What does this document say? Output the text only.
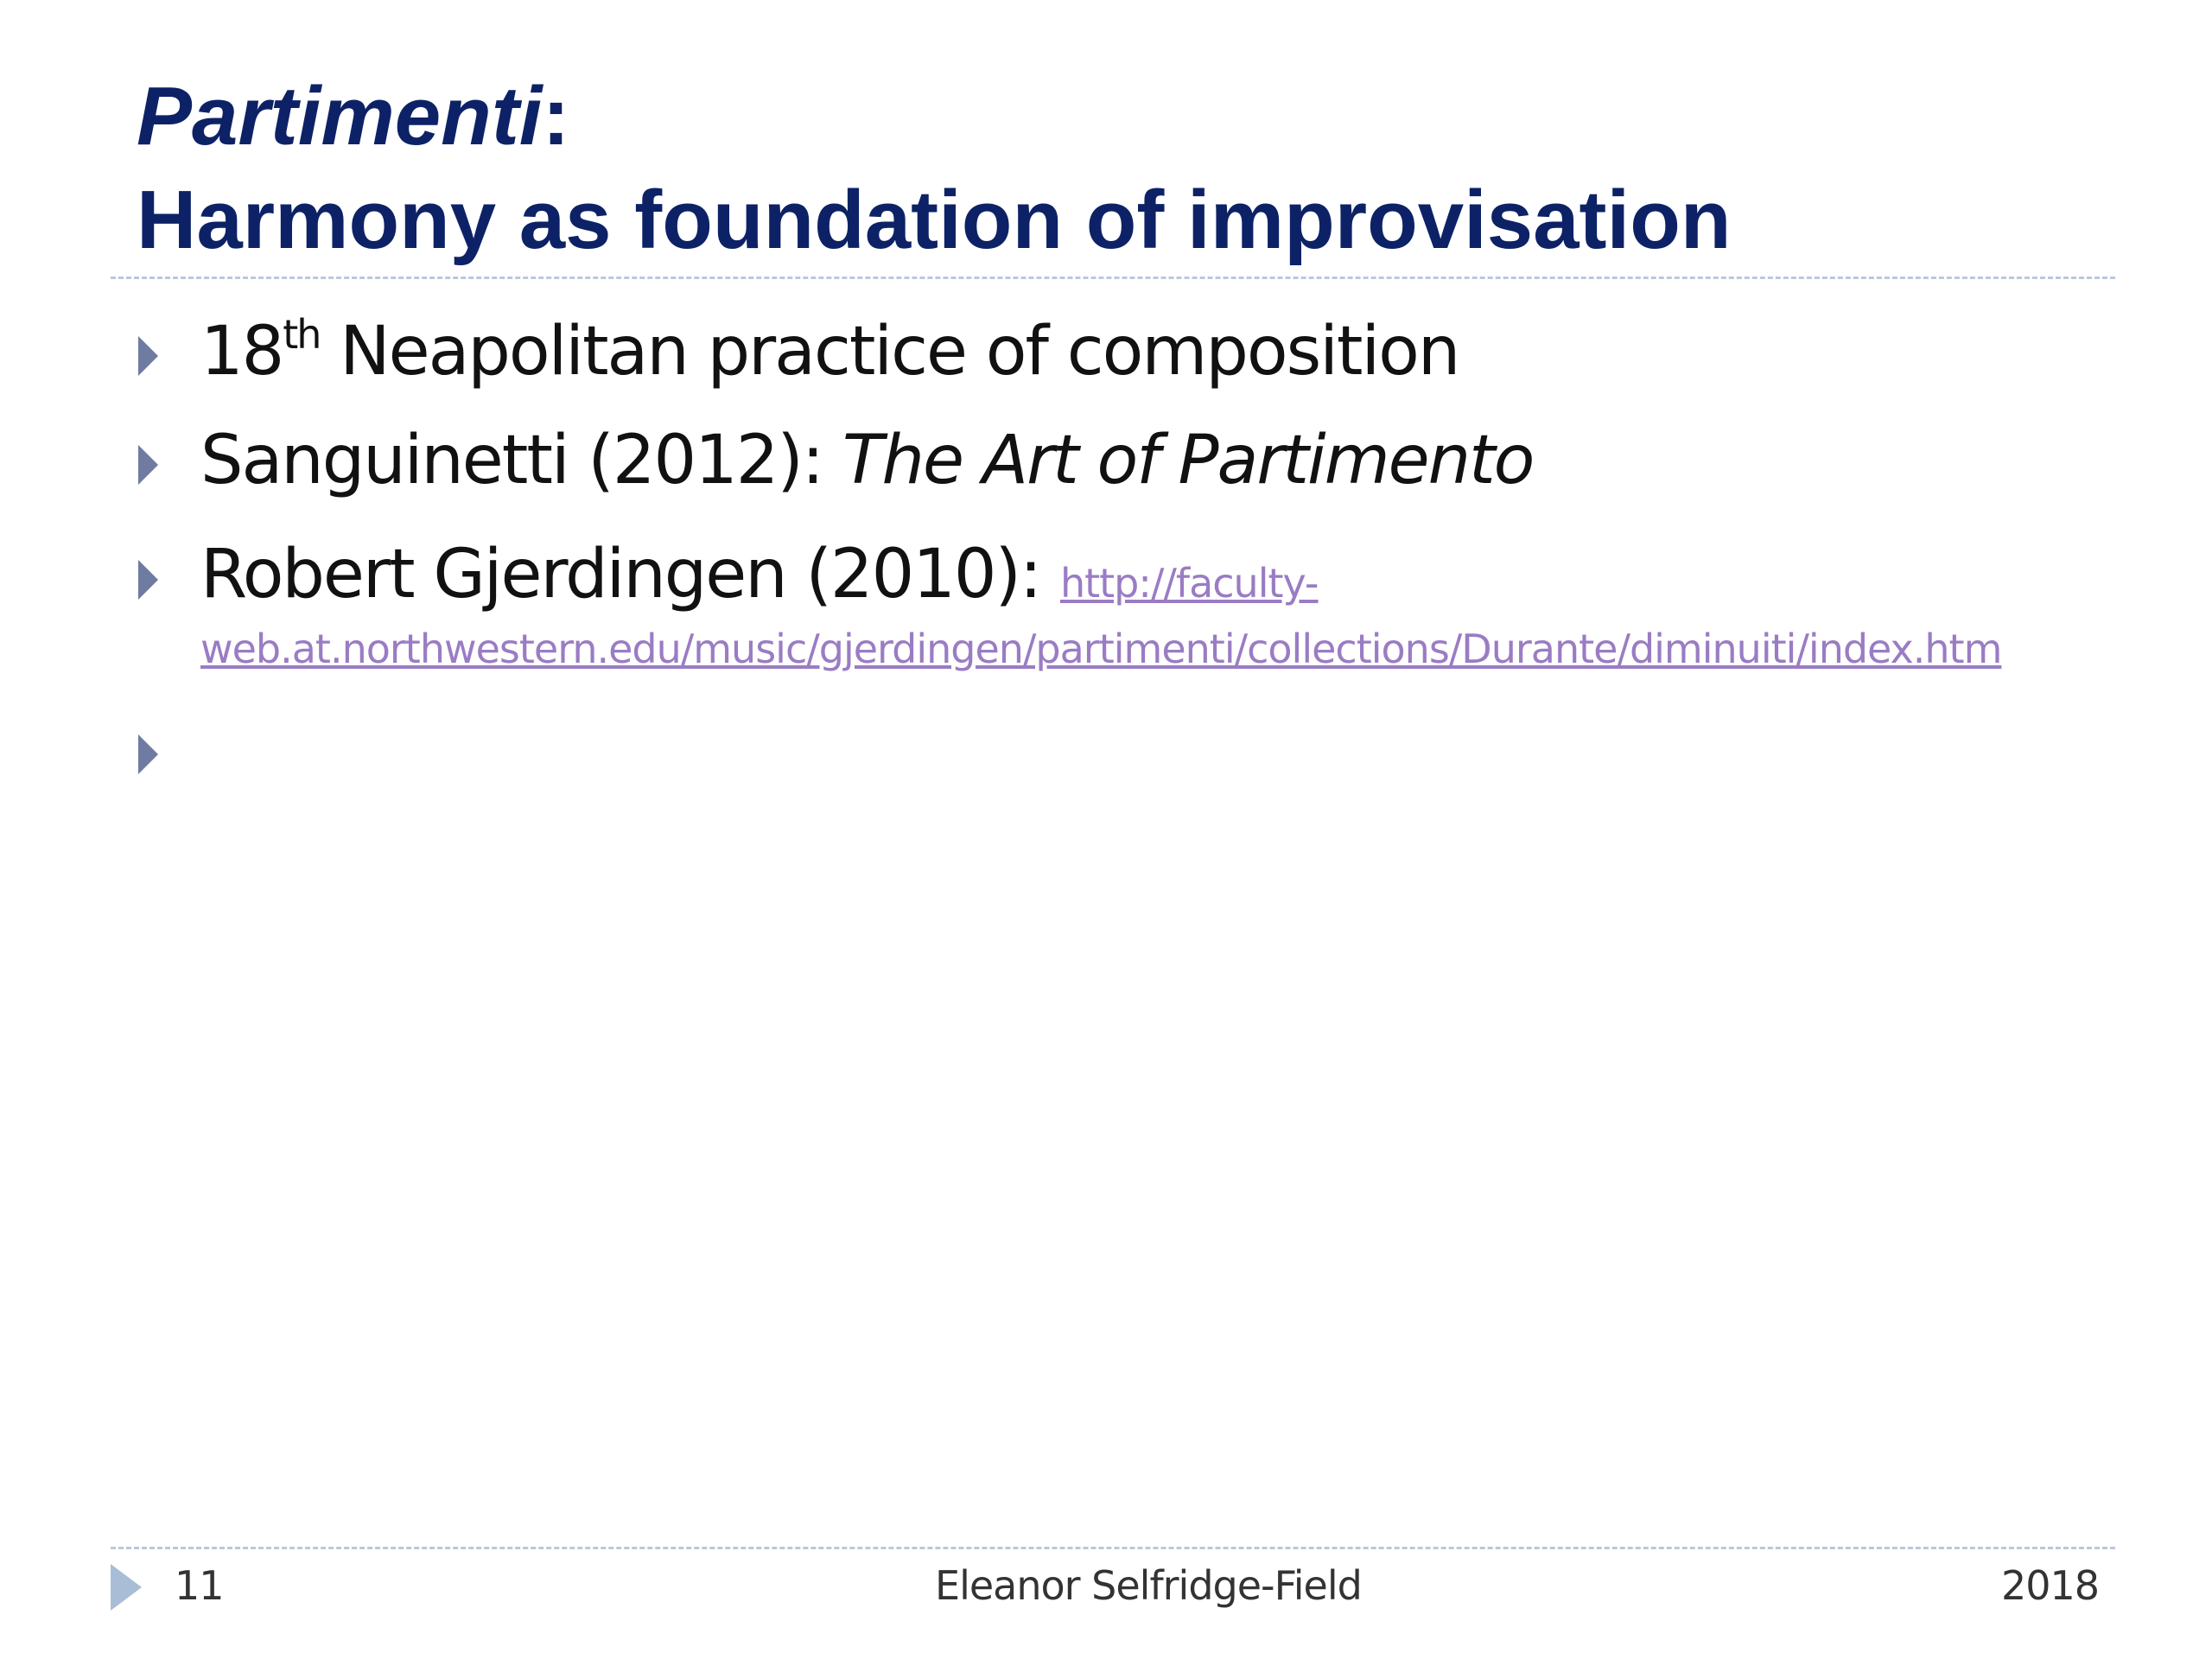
Partimenti:
Harmony as foundation of improvisation
18th Neapolitan practice of composition
Sanguinetti (2012): The Art of Partimento
Robert Gjerdingen (2010): http://faculty-
web.at.northwestern.edu/music/gjerdingen/partimenti/collections/Durante/diminuiti/index.htm
11	Eleanor Selfridge-Field	2018
